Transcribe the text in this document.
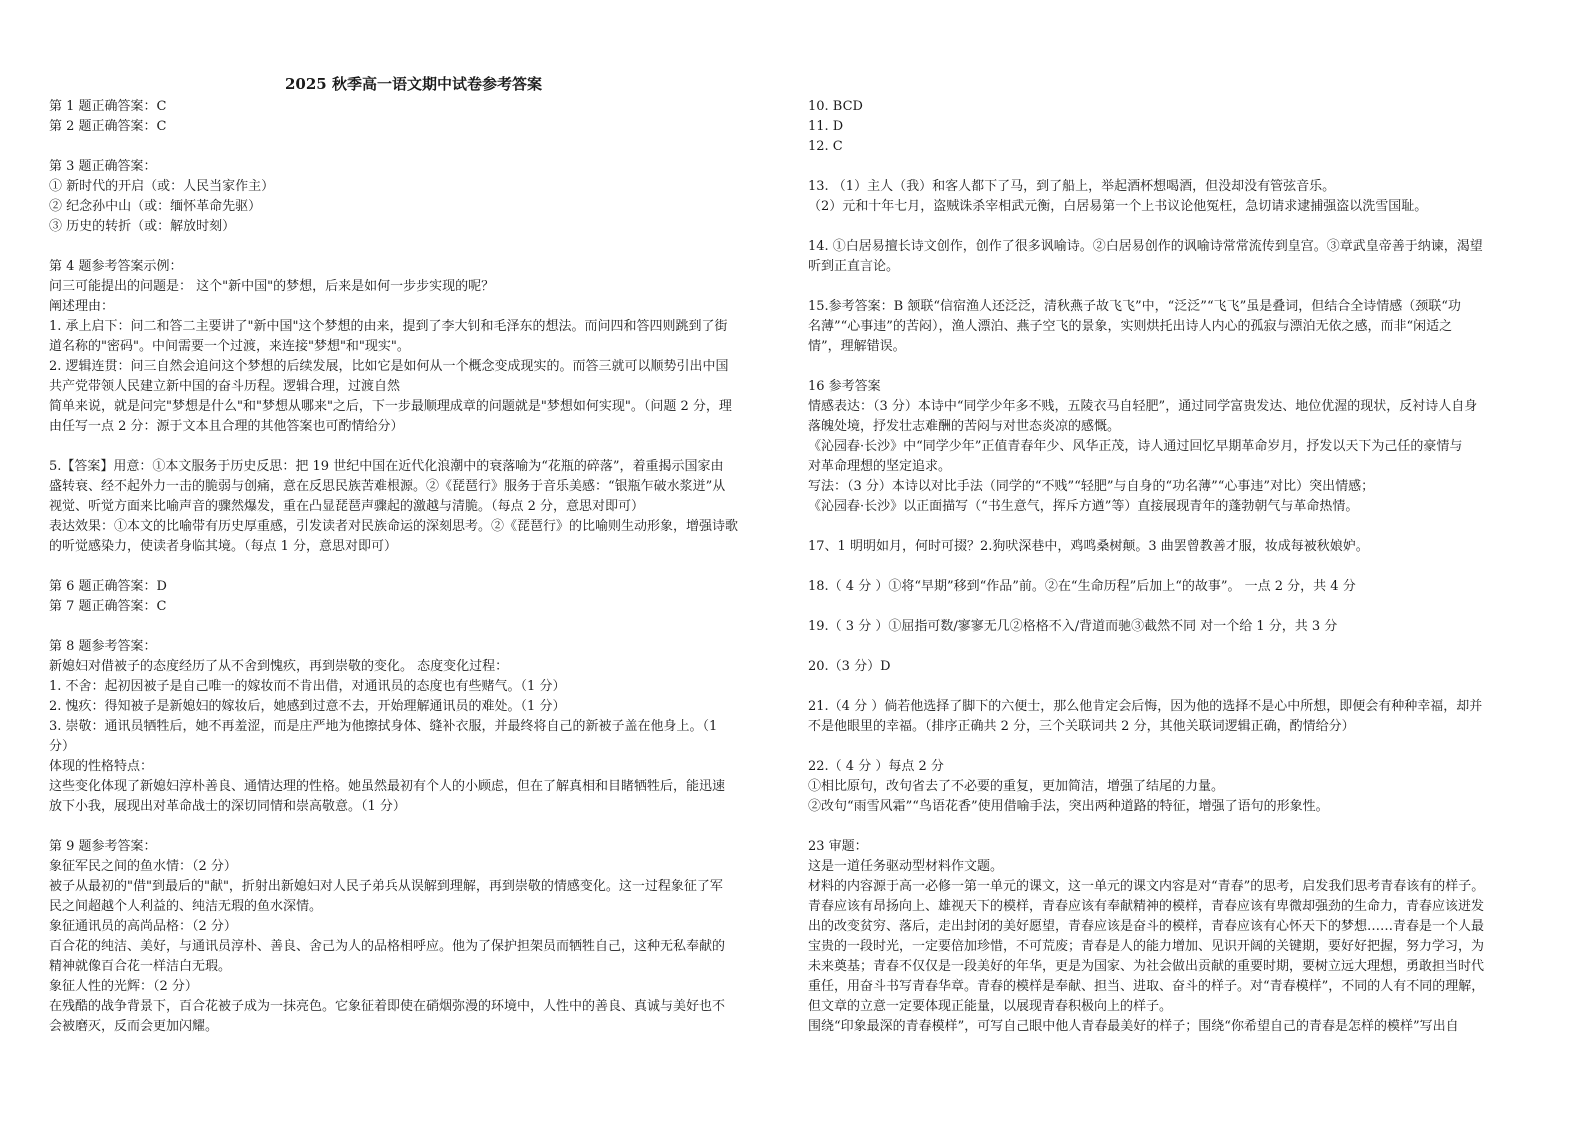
2025 秋季高一语文期中试卷参考答案
第 1 题正确答案：C
第 2 题正确答案：C
第 3 题正确答案：
① 新时代的开启（或：人民当家作主）
② 纪念孙中山（或：缅怀革命先驱）
③ 历史的转折（或：解放时刻）
第 4 题参考答案示例：
问三可能提出的问题是： 这个"新中国"的梦想，后来是如何一步步实现的呢？
阐述理由：
1. 承上启下：问二和答二主要讲了"新中国"这个梦想的由来，提到了李大钊和毛泽东的想法。而问四和答四则跳到了街
道名称的"密码"。中间需要一个过渡，来连接"梦想"和"现实"。
2. 逻辑连贯：问三自然会追问这个梦想的后续发展，比如它是如何从一个概念变成现实的。而答三就可以顺势引出中国
共产党带领人民建立新中国的奋斗历程。逻辑合理，过渡自然
简单来说，就是问完"梦想是什么"和"梦想从哪来"之后，下一步最顺理成章的问题就是"梦想如何实现"。（问题 2 分，理
由任写一点 2 分：源于文本且合理的其他答案也可酌情给分）
5.【答案】用意：①本文服务于历史反思：把 19 世纪中国在近代化浪潮中的衰落喻为“花瓶的碎落”，着重揭示国家由
盛转衰、经不起外力一击的脆弱与创痛，意在反思民族苦难根源。②《琵琶行》服务于音乐美感：“银瓶乍破水浆迸”从
视觉、听觉方面来比喻声音的骤然爆发，重在凸显琵琶声骤起的激越与清脆。（每点 2 分，意思对即可）
表达效果：①本文的比喻带有历史厚重感，引发读者对民族命运的深刻思考。②《琵琶行》的比喻则生动形象，增强诗歌
的听觉感染力，使读者身临其境。（每点 1 分，意思对即可）
第 6 题正确答案：D
第 7 题正确答案：C
第 8 题参考答案：
新媳妇对借被子的态度经历了从不舍到愧疚，再到崇敬的变化。 态度变化过程：
1. 不舍：起初因被子是自己唯一的嫁妆而不肯出借，对通讯员的态度也有些赌气。（1 分）
2. 愧疚：得知被子是新媳妇的嫁妆后，她感到过意不去，开始理解通讯员的难处。（1 分）
3. 崇敬：通讯员牺牲后，她不再羞涩，而是庄严地为他擦拭身体、缝补衣服，并最终将自己的新被子盖在他身上。（1
分）
体现的性格特点：
这些变化体现了新媳妇淳朴善良、通情达理的性格。她虽然最初有个人的小顾虑，但在了解真相和目睹牺牲后，能迅速
放下小我，展现出对革命战士的深切同情和崇高敬意。（1 分）
第 9 题参考答案：
象征军民之间的鱼水情：（2 分）
被子从最初的"借"到最后的"献"，折射出新媳妇对人民子弟兵从误解到理解，再到崇敬的情感变化。这一过程象征了军
民之间超越个人利益的、纯洁无瑕的鱼水深情。
象征通讯员的高尚品格：（2 分）
百合花的纯洁、美好，与通讯员淳朴、善良、舍己为人的品格相呼应。他为了保护担架员而牺牲自己，这种无私奉献的
精神就像百合花一样洁白无瑕。
象征人性的光辉：（2 分）
在残酷的战争背景下，百合花被子成为一抹亮色。它象征着即使在硝烟弥漫的环境中，人性中的善良、真诚与美好也不
会被磨灭，反而会更加闪耀。
10. BCD
11. D
12. C
13. （1）主人（我）和客人都下了马，到了船上，举起酒杯想喝酒，但没却没有管弦音乐。
（2）元和十年七月，盗贼诛杀宰相武元衡，白居易第一个上书议论他冤枉，急切请求逮捕强盗以洗雪国耻。
14. ①白居易擅长诗文创作，创作了很多讽喻诗。②白居易创作的讽喻诗常常流传到皇宫。③章武皇帝善于纳谏，渴望
听到正直言论。
15.参考答案：B 颔联“信宿渔人还泛泛，清秋燕子故飞飞”中，“泛泛”“飞飞”虽是叠词，但结合全诗情感（颈联“功
名薄”“心事违”的苦闷），渔人漂泊、燕子空飞的景象，实则烘托出诗人内心的孤寂与漂泊无依之感，而非“闲适之
情”，理解错误。
16 参考答案
情感表达：（3 分）本诗中“同学少年多不贱，五陵衣马自轻肥”，通过同学富贵发达、地位优渥的现状，反衬诗人自身
落魄处境，抒发壮志难酬的苦闷与对世态炎凉的感慨。
《沁园春·长沙》中“同学少年”正值青春年少、风华正茂，诗人通过回忆早期革命岁月，抒发以天下为己任的豪情与
对革命理想的坚定追求。
写法：（3 分）本诗以对比手法（同学的“不贱”“轻肥”与自身的“功名薄”“心事违”对比）突出情感；
《沁园春·长沙》以正面描写（“书生意气，挥斥方遒”等）直接展现青年的蓬勃朝气与革命热情。
17、1 明明如月，何时可掇？2.狗吠深巷中，鸡鸣桑树颠。3 曲罢曾教善才服，妆成每被秋娘妒。
18.（ 4 分 ）①将“早期”移到“作品”前。②在“生命历程”后加上“的故事”。 一点 2 分，共 4 分
19.（ 3 分 ）①屈指可数/寥寥无几②格格不入/背道而驰③截然不同 对一个给 1 分，共 3 分
20.（3 分）D
21.（4 分 ）倘若他选择了脚下的六便士，那么他肯定会后悔，因为他的选择不是心中所想，即便会有种种幸福，却并
不是他眼里的幸福。（排序正确共 2 分，三个关联词共 2 分，其他关联词逻辑正确，酌情给分）
22.（ 4 分 ）每点 2 分
①相比原句，改句省去了不必要的重复，更加简洁，增强了结尾的力量。
②改句“雨雪风霜”“鸟语花香”使用借喻手法，突出两种道路的特征，增强了语句的形象性。
23 审题：
这是一道任务驱动型材料作文题。
材料的内容源于高一必修一第一单元的课文，这一单元的课文内容是对“青春”的思考，启发我们思考青春该有的样子。
青春应该有昂扬向上、雄视天下的模样，青春应该有奉献精神的模样，青春应该有卑微却强劲的生命力，青春应该迸发
出的改变贫穷、落后，走出封闭的美好愿望，青春应该是奋斗的模样，青春应该有心怀天下的梦想……青春是一个人最
宝贵的一段时光，一定要倍加珍惜，不可荒废；青春是人的能力增加、见识开阔的关键期，要好好把握，努力学习，为
未来奠基；青春不仅仅是一段美好的年华，更是为国家、为社会做出贡献的重要时期，要树立远大理想，勇敢担当时代
重任，用奋斗书写青春华章。青春的模样是奉献、担当、进取、奋斗的样子。对“青春模样”，不同的人有不同的理解，
但文章的立意一定要体现正能量，以展现青春积极向上的样子。
围绕“印象最深的青春模样”，可写自己眼中他人青春最美好的样子；围绕“你希望自己的青春是怎样的模样”写出自
